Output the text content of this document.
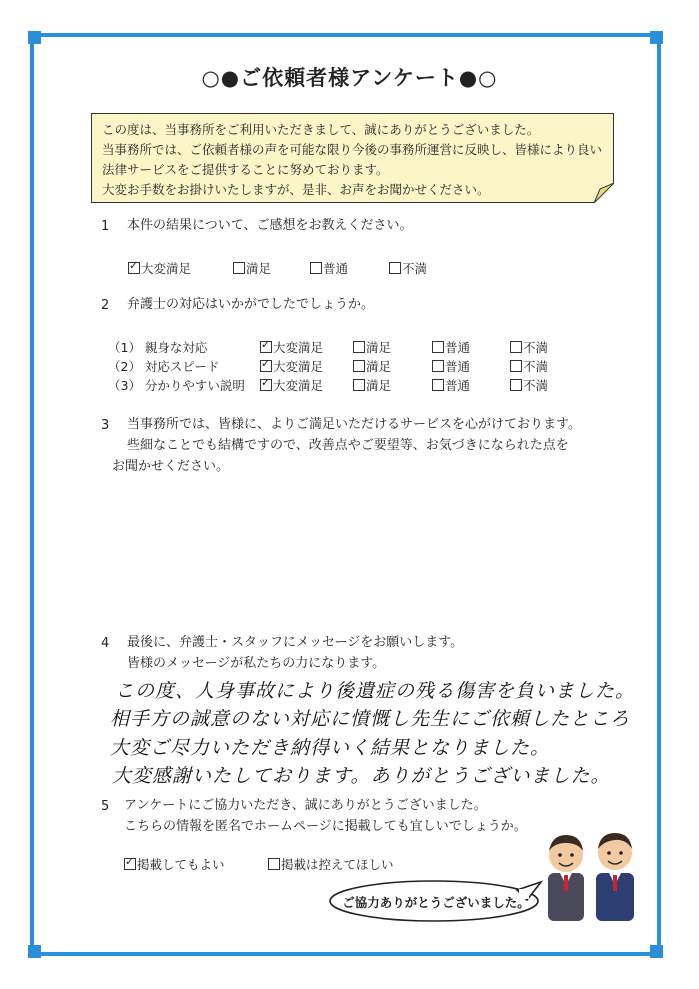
○●ご依頼者様アンケート●○
この度は、当事務所をご利用いただきまして、誠にありがとうございました。
当事務所では、ご依頼者様の声を可能な限り今後の事務所運営に反映し、皆様により良い
法律サービスをご提供することに努めております。
大変お手数をお掛けいたしますが、是非、お声をお聞かせください。
1 本件の結果について、ご感想をお教えください。
✓大変満足	満足	普通	不満
2 弁護士の対応はいかがでしたでしょうか。
（1） 親身な対応 ✓	大変満足	満足	普通	不満
（2） 対応スピード ✓	大変満足	満足	普通	不満
（3） 分かりやすい説明 ✓	大変満足	満足	普通	不満
3 当事務所では、皆様に、よりご満足いただけるサービスを心がけております。
些細なことでも結構ですので、改善点やご要望等、お気づきになられた点を
お聞かせください。
4 最後に、弁護士・スタッフにメッセージをお願いします。
皆様のメッセージが私たちの力になります。
この度、人身事故により後遺症の残る傷害を負いました。
相手方の誠意のない対応に憤慨し先生にご依頼したところ
大変ご尽力いただき納得いく結果となりました。
大変感謝いたしております。ありがとうございました。
5 アンケートにご協力いただき、誠にありがとうございました。
こちらの情報を匿名でホームページに掲載しても宜しいでしょうか。
✓掲載してもよい	掲載は控えてほしい
ご協力ありがとうございました。
